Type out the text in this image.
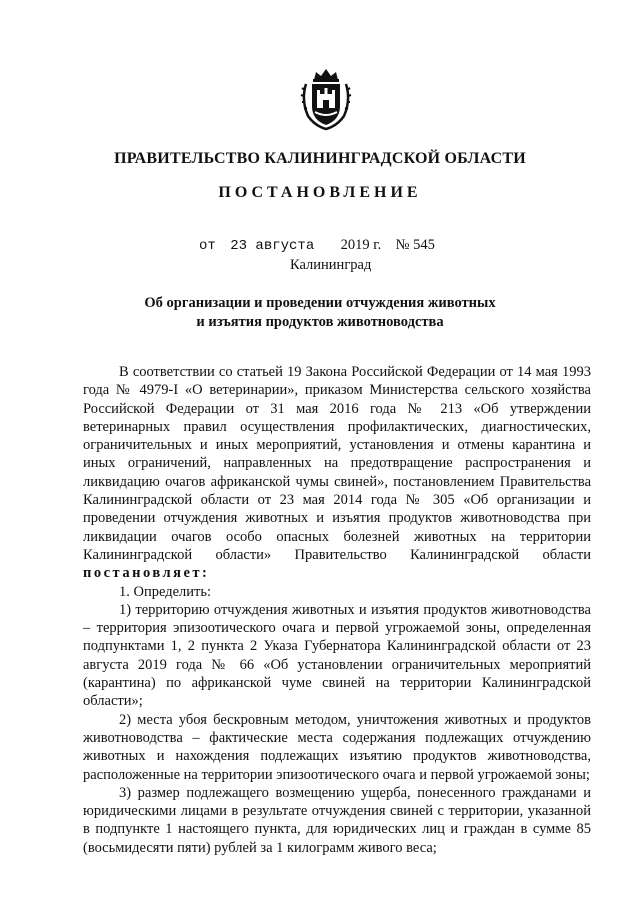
ПРАВИТЕЛЬСТВО КАЛИНИНГРАДСКОЙ ОБЛАСТИ
ПОСТАНОВЛЕНИЕ
от 23 августа 2019 г. № 545
Калининград
Об организации и проведении отчуждения животных
и изъятия продуктов животноводства

В соответствии со статьей 19 Закона Российской Федерации от 14 мая 1993 года № 4979-I «О ветеринарии», приказом Министерства сельского хозяйства Российской Федерации от 31 мая 2016 года № 213 «Об утверждении ветеринарных правил осуществления профилактических, диагностических, ограничительных и иных мероприятий, установления и отмены карантина и иных ограничений, направленных на предотвращение распространения и ликвидацию очагов африканской чумы свиней», постановлением Правительства Калининградской области от 23 мая 2014 года № 305 «Об организации и проведении отчуждения животных и изъятия продуктов животноводства при ликвидации очагов особо опасных болезней животных на территории Калининградской области» Правительство Калининградской области постановляет:

1. Определить:

1) территорию отчуждения животных и изъятия продуктов животноводства – территория эпизоотического очага и первой угрожаемой зоны, определенная подпунктами 1, 2 пункта 2 Указа Губернатора Калининградской области от 23 августа 2019 года № 66 «Об установлении ограничительных мероприятий (карантина) по африканской чуме свиней на территории Калининградской области»;

2) места убоя бескровным методом, уничтожения животных и продуктов животноводства – фактические места содержания подлежащих отчуждению животных и нахождения подлежащих изъятию продуктов животноводства, расположенные на территории эпизоотического очага и первой угрожаемой зоны;

3) размер подлежащего возмещению ущерба, понесенного гражданами и юридическими лицами в результате отчуждения свиней с территории, указанной в подпункте 1 настоящего пункта, для юридических лиц и граждан в сумме 85 (восьмидесяти пяти) рублей за 1 килограмм живого веса;
